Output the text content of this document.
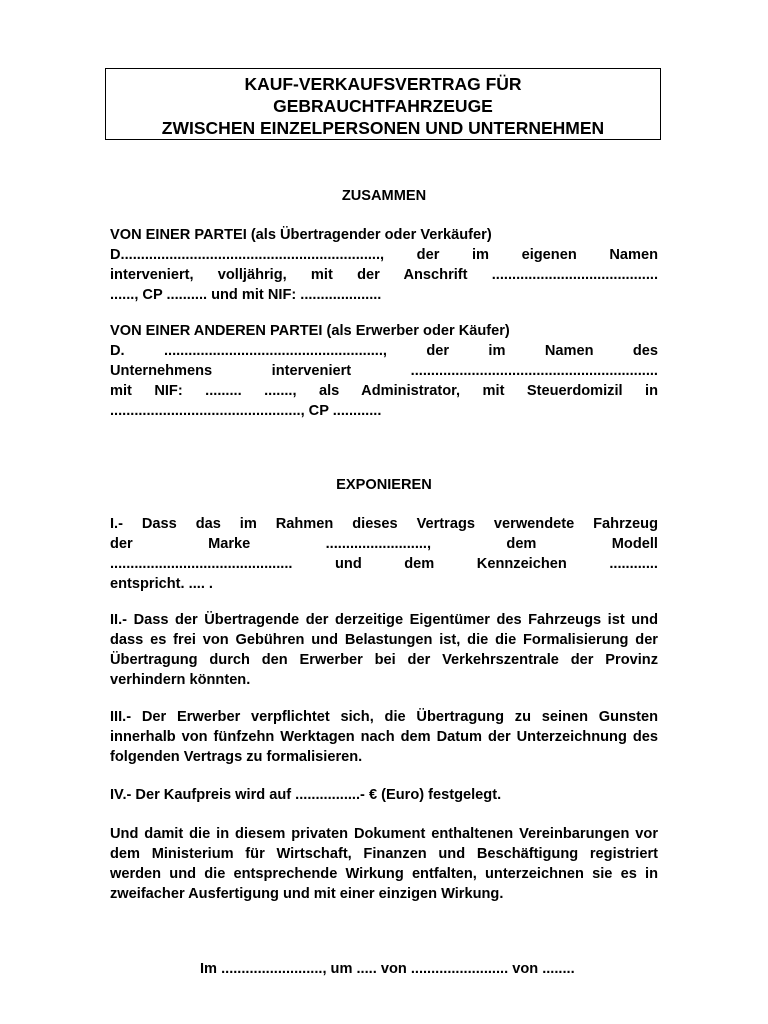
KAUF-VERKAUFSVERTRAG FÜR
GEBRAUCHTFAHRZEUGE
ZWISCHEN EINZELPERSONEN UND UNTERNEHMEN
ZUSAMMEN
VON EINER PARTEI (als Übertragender oder Verkäufer)
D................................................................, der im eigenen Namen
interveniert, volljährig, mit der Anschrift .........................................
......, CP .......... und mit NIF: ....................
VON EINER ANDEREN PARTEI (als Erwerber oder Käufer)
D. ......................................................, der im Namen des
Unternehmens interveniert .............................................................
mit NIF: ......... ......., als Administrator, mit Steuerdomizil in
..............................................., CP ............
EXPONIEREN
I.- Dass das im Rahmen dieses Vertrags verwendete Fahrzeug
der Marke ........................., dem Modell
............................................. und dem Kennzeichen ............
entspricht. .... .

II.- Dass der Übertragende der derzeitige Eigentümer des Fahrzeugs ist und dass es frei von Gebühren und Belastungen ist, die die Formalisierung der Übertragung durch den Erwerber bei der Verkehrszentrale der Provinz verhindern könnten.

III.- Der Erwerber verpflichtet sich, die Übertragung zu seinen Gunsten innerhalb von fünfzehn Werktagen nach dem Datum der Unterzeichnung des folgenden Vertrags zu formalisieren.

IV.- Der Kaufpreis wird auf ................- € (Euro) festgelegt.

Und damit die in diesem privaten Dokument enthaltenen Vereinbarungen vor dem Ministerium für Wirtschaft, Finanzen und Beschäftigung registriert werden und die entsprechende Wirkung entfalten, unterzeichnen sie es in zweifacher Ausfertigung und mit einer einzigen Wirkung.

Im ........................., um ..... von ........................ von ........
